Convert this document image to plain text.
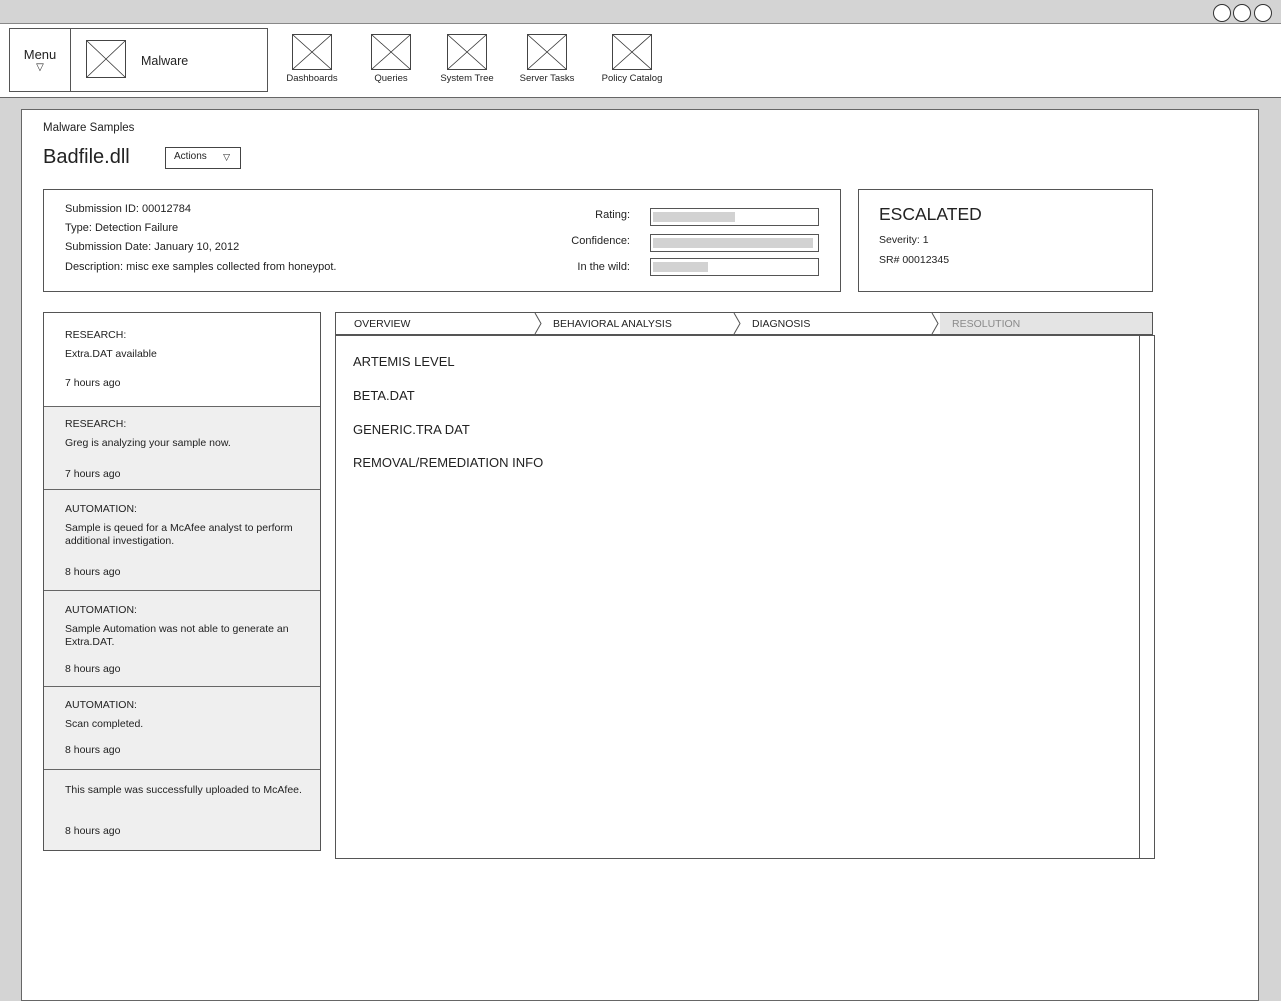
Menu
▽	Malware
Dashboards	Queries	System Tree	Server Tasks	Policy Catalog
Malware Samples
Badfile.dll	Actions ▽
Submission ID: 00012784
Type: Detection Failure
Submission Date: January 10, 2012
Description: misc exe samples collected from honeypot.
Rating:
Confidence:
In the wild:
ESCALATED
Severity: 1
SR# 00012345
RESEARCH:
Extra.DAT available
7 hours ago
RESEARCH:
Greg is analyzing your sample now.
7 hours ago
AUTOMATION:
Sample is qeued for a McAfee analyst to perform additional investigation.
8 hours ago
AUTOMATION:
Sample Automation was not able to generate an Extra.DAT.
8 hours ago
AUTOMATION:
Scan completed.
8 hours ago
This sample was successfully uploaded to McAfee.
8 hours ago
OVERVIEW	BEHAVIORAL ANALYSIS	DIAGNOSIS	RESOLUTION
ARTEMIS LEVEL
BETA.DAT
GENERIC.TRA DAT
REMOVAL/REMEDIATION INFO
